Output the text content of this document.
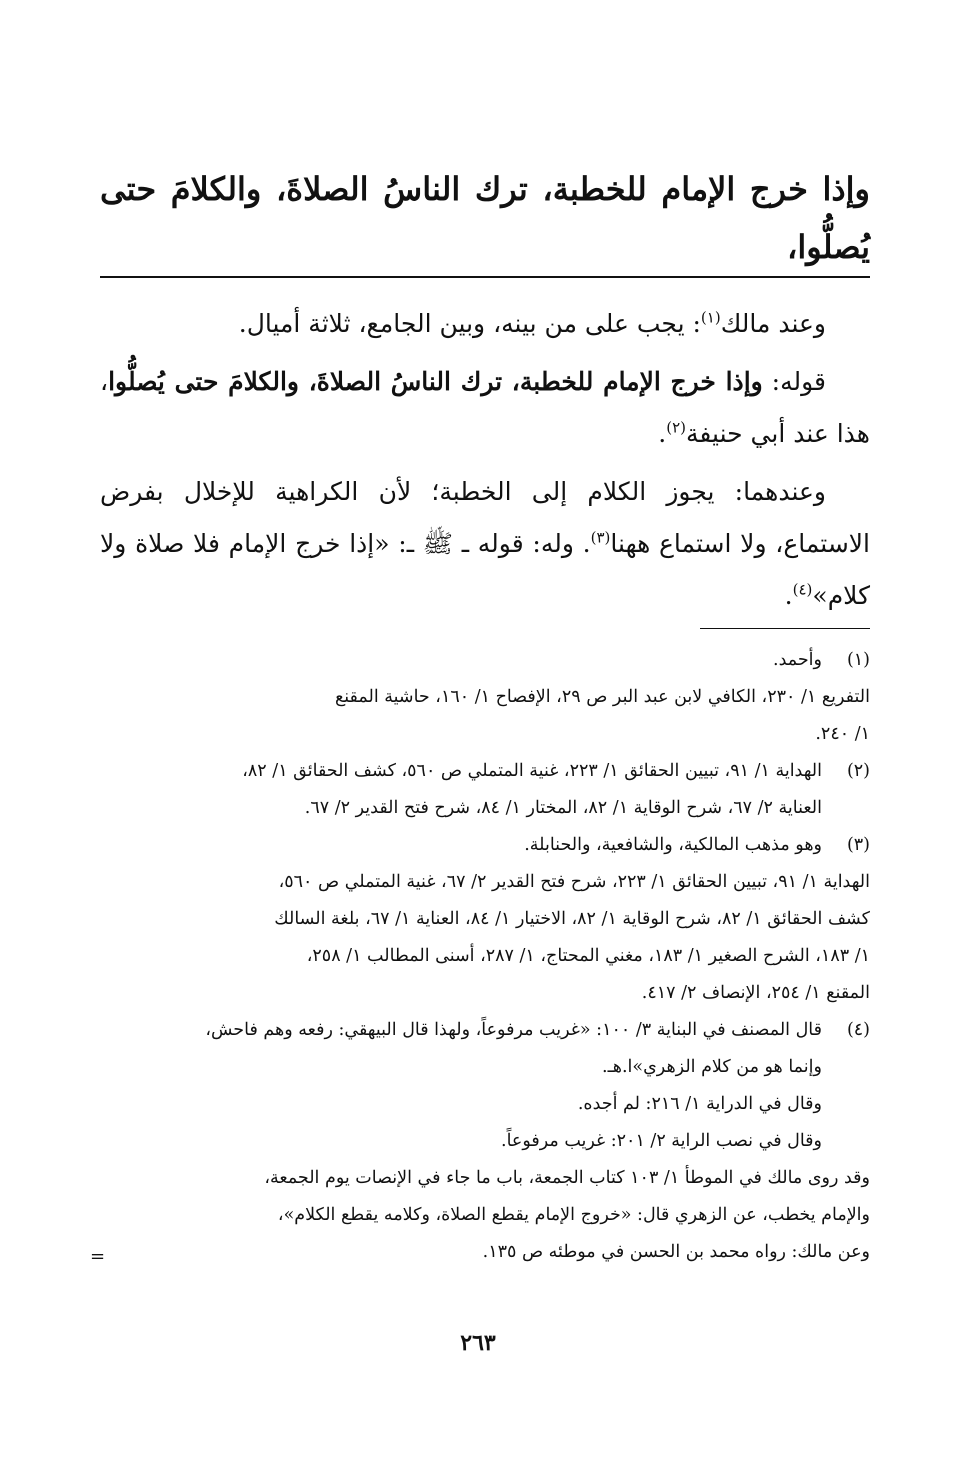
وإذا خرج الإمام للخطبة، ترك الناسُ الصلاةَ، والكلامَ حتى يُصلُّوا،

وعند مالك$^{(١)}$: يجب على من بينه، وبين الجامع، ثلاثة أميال.

قوله: وإذا خرج الإمام للخطبة، ترك الناسُ الصلاةَ، والكلامَ حتى يُصلُّوا، هذا عند أبي حنيفة$^{(٢)}$.

وعندهما: يجوز الكلام إلى الخطبة؛ لأن الكراهية للإخلال بفرض الاستماع، ولا استماع ههنا$^{(٣)}$. وله: قوله ـ ﷺ ـ: «إذا خرج الإمام فلا صلاة ولا كلام»$^{(٤)}$.

(١)وأحمد.
التفريع ١/ ٢٣٠، الكافي لابن عبد البر ص ٢٩، الإفصاح ١/ ١٦٠، حاشية المقنع
١/ ٢٤٠.
(٢)الهداية ١/ ٩١، تبيين الحقائق ١/ ٢٢٣، غنية المتملي ص ٥٦٠، كشف الحقائق ١/ ٨٢،
العناية ٢/ ٦٧، شرح الوقاية ١/ ٨٢، المختار ١/ ٨٤، شرح فتح القدير ٢/ ٦٧.
(٣)وهو مذهب المالكية، والشافعية، والحنابلة.
الهداية ١/ ٩١، تبيين الحقائق ١/ ٢٢٣، شرح فتح القدير ٢/ ٦٧، غنية المتملي ص ٥٦٠،
كشف الحقائق ١/ ٨٢، شرح الوقاية ١/ ٨٢، الاختيار ١/ ٨٤، العناية ١/ ٦٧، بلغة السالك
١/ ١٨٣، الشرح الصغير ١/ ١٨٣، مغني المحتاج، ١/ ٢٨٧، أسنى المطالب ١/ ٢٥٨،
المقنع ١/ ٢٥٤، الإنصاف ٢/ ٤١٧.
(٤)قال المصنف في البناية ٣/ ١٠٠: «غريب مرفوعاً، ولهذا قال البيهقي: رفعه وهم فاحش،
وإنما هو من كلام الزهري»ا.هـ.
وقال في الدراية ١/ ٢١٦: لم أجده.
وقال في نصب الراية ٢/ ٢٠١: غريب مرفوعاً.
وقد روى مالك في الموطأ ١/ ١٠٣ كتاب الجمعة، باب ما جاء في الإنصات يوم الجمعة،
والإمام يخطب، عن الزهري قال: «خروج الإمام يقطع الصلاة، وكلامه يقطع الكلام»،
وعن مالك: رواه محمد بن الحسن في موطئه ص ١٣٥.
=
٢٦٣
